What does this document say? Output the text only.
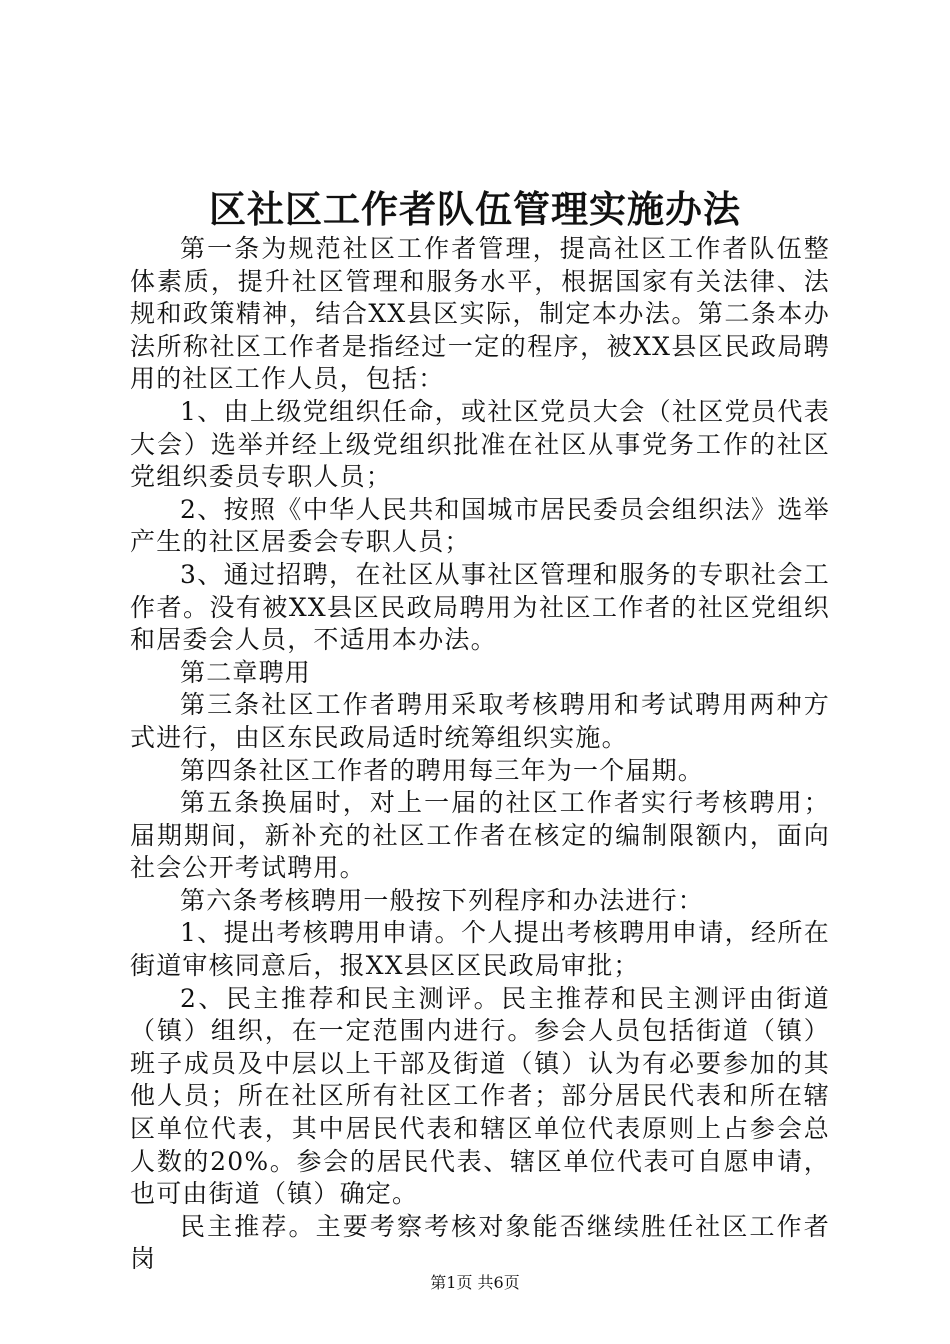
区社区工作者队伍管理实施办法

第一条为规范社区工作者管理，提高社区工作者队伍整体素质，提升社区管理和服务水平，根据国家有关法律、法规和政策精神，结合XX县区实际，制定本办法。第二条本办法所称社区工作者是指经过一定的程序，被XX县区民政局聘用的社区工作人员，包括：

1、由上级党组织任命，或社区党员大会（社区党员代表大会）选举并经上级党组织批准在社区从事党务工作的社区党组织委员专职人员；

2、按照《中华人民共和国城市居民委员会组织法》选举产生的社区居委会专职人员；

3、通过招聘，在社区从事社区管理和服务的专职社会工作者。没有被XX县区民政局聘用为社区工作者的社区党组织和居委会人员，不适用本办法。

第二章聘用

第三条社区工作者聘用采取考核聘用和考试聘用两种方式进行，由区东民政局适时统筹组织实施。

第四条社区工作者的聘用每三年为一个届期。

第五条换届时，对上一届的社区工作者实行考核聘用；届期期间，新补充的社区工作者在核定的编制限额内，面向社会公开考试聘用。

第六条考核聘用一般按下列程序和办法进行：

1、提出考核聘用申请。个人提出考核聘用申请，经所在街道审核同意后，报XX县区区民政局审批；

2、民主推荐和民主测评。民主推荐和民主测评由街道（镇）组织，在一定范围内进行。参会人员包括街道（镇）班子成员及中层以上干部及街道（镇）认为有必要参加的其他人员；所在社区所有社区工作者；部分居民代表和所在辖区单位代表，其中居民代表和辖区单位代表原则上占参会总人数的20%。参会的居民代表、辖区单位代表可自愿申请，也可由街道（镇）确定。

民主推荐。主要考察考核对象能否继续胜任社区工作者岗

第1页 共6页
